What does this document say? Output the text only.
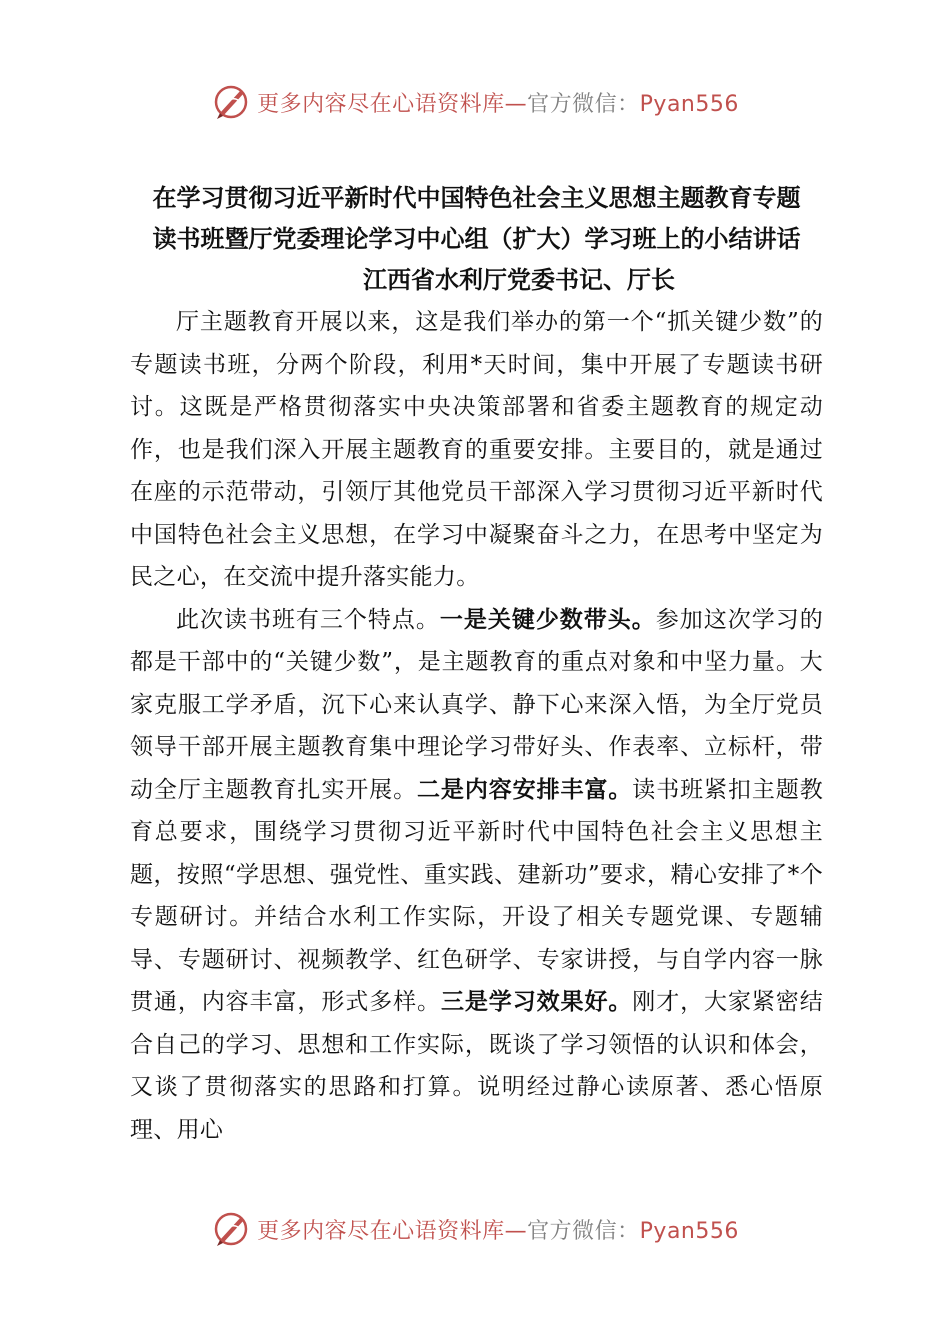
更多内容尽在心语资料库—官方微信：Pyan556

在学习贯彻习近平新时代中国特色社会主义思想主题教育专题

读书班暨厅党委理论学习中心组（扩大）学习班上的小结讲话

江西省水利厅党委书记、厅长

厅主题教育开展以来，这是我们举办的第一个“抓关键少数”的专题读书班，分两个阶段，利用*天时间，集中开展了专题读书研讨。这既是严格贯彻落实中央决策部署和省委主题教育的规定动作，也是我们深入开展主题教育的重要安排。主要目的，就是通过在座的示范带动，引领厅其他党员干部深入学习贯彻习近平新时代中国特色社会主义思想，在学习中凝聚奋斗之力，在思考中坚定为民之心，在交流中提升落实能力。

此次读书班有三个特点。一是关键少数带头。参加这次学习的都是干部中的“关键少数”，是主题教育的重点对象和中坚力量。大家克服工学矛盾，沉下心来认真学、静下心来深入悟，为全厅党员领导干部开展主题教育集中理论学习带好头、作表率、立标杆，带动全厅主题教育扎实开展。二是内容安排丰富。读书班紧扣主题教育总要求，围绕学习贯彻习近平新时代中国特色社会主义思想主题，按照“学思想、强党性、重实践、建新功”要求，精心安排了*个专题研讨。并结合水利工作实际，开设了相关专题党课、专题辅导、专题研讨、视频教学、红色研学、专家讲授，与自学内容一脉贯通，内容丰富，形式多样。三是学习效果好。刚才，大家紧密结合自己的学习、思想和工作实际，既谈了学习领悟的认识和体会，又谈了贯彻落实的思路和打算。说明经过静心读原著、悉心悟原理、用心

更多内容尽在心语资料库—官方微信：Pyan556
